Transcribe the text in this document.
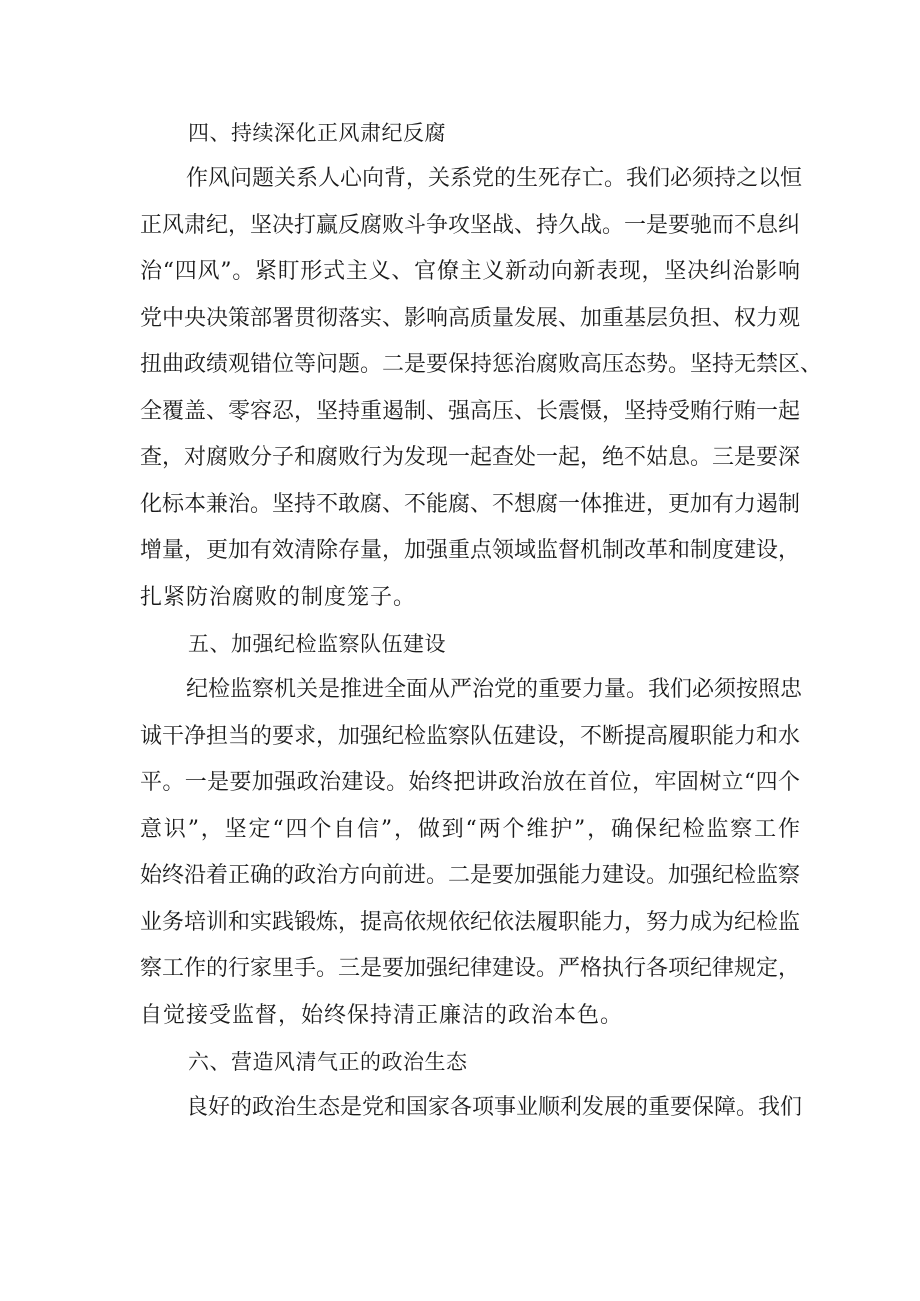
四、持续深化正风肃纪反腐
作风问题关系人心向背，关系党的生死存亡。我们必须持之以恒
正风肃纪，坚决打赢反腐败斗争攻坚战、持久战。一是要驰而不息纠
治“四风”。紧盯形式主义、官僚主义新动向新表现，坚决纠治影响
党中央决策部署贯彻落实、影响高质量发展、加重基层负担、权力观
扭曲政绩观错位等问题。二是要保持惩治腐败高压态势。坚持无禁区、
全覆盖、零容忍，坚持重遏制、强高压、长震慑，坚持受贿行贿一起
查，对腐败分子和腐败行为发现一起查处一起，绝不姑息。三是要深
化标本兼治。坚持不敢腐、不能腐、不想腐一体推进，更加有力遏制
增量，更加有效清除存量，加强重点领域监督机制改革和制度建设，
扎紧防治腐败的制度笼子。
五、加强纪检监察队伍建设
纪检监察机关是推进全面从严治党的重要力量。我们必须按照忠
诚干净担当的要求，加强纪检监察队伍建设，不断提高履职能力和水
平。一是要加强政治建设。始终把讲政治放在首位，牢固树立“四个
意识”，坚定“四个自信”，做到“两个维护”，确保纪检监察工作
始终沿着正确的政治方向前进。二是要加强能力建设。加强纪检监察
业务培训和实践锻炼，提高依规依纪依法履职能力，努力成为纪检监
察工作的行家里手。三是要加强纪律建设。严格执行各项纪律规定，
自觉接受监督，始终保持清正廉洁的政治本色。
六、营造风清气正的政治生态
良好的政治生态是党和国家各项事业顺利发展的重要保障。我们
